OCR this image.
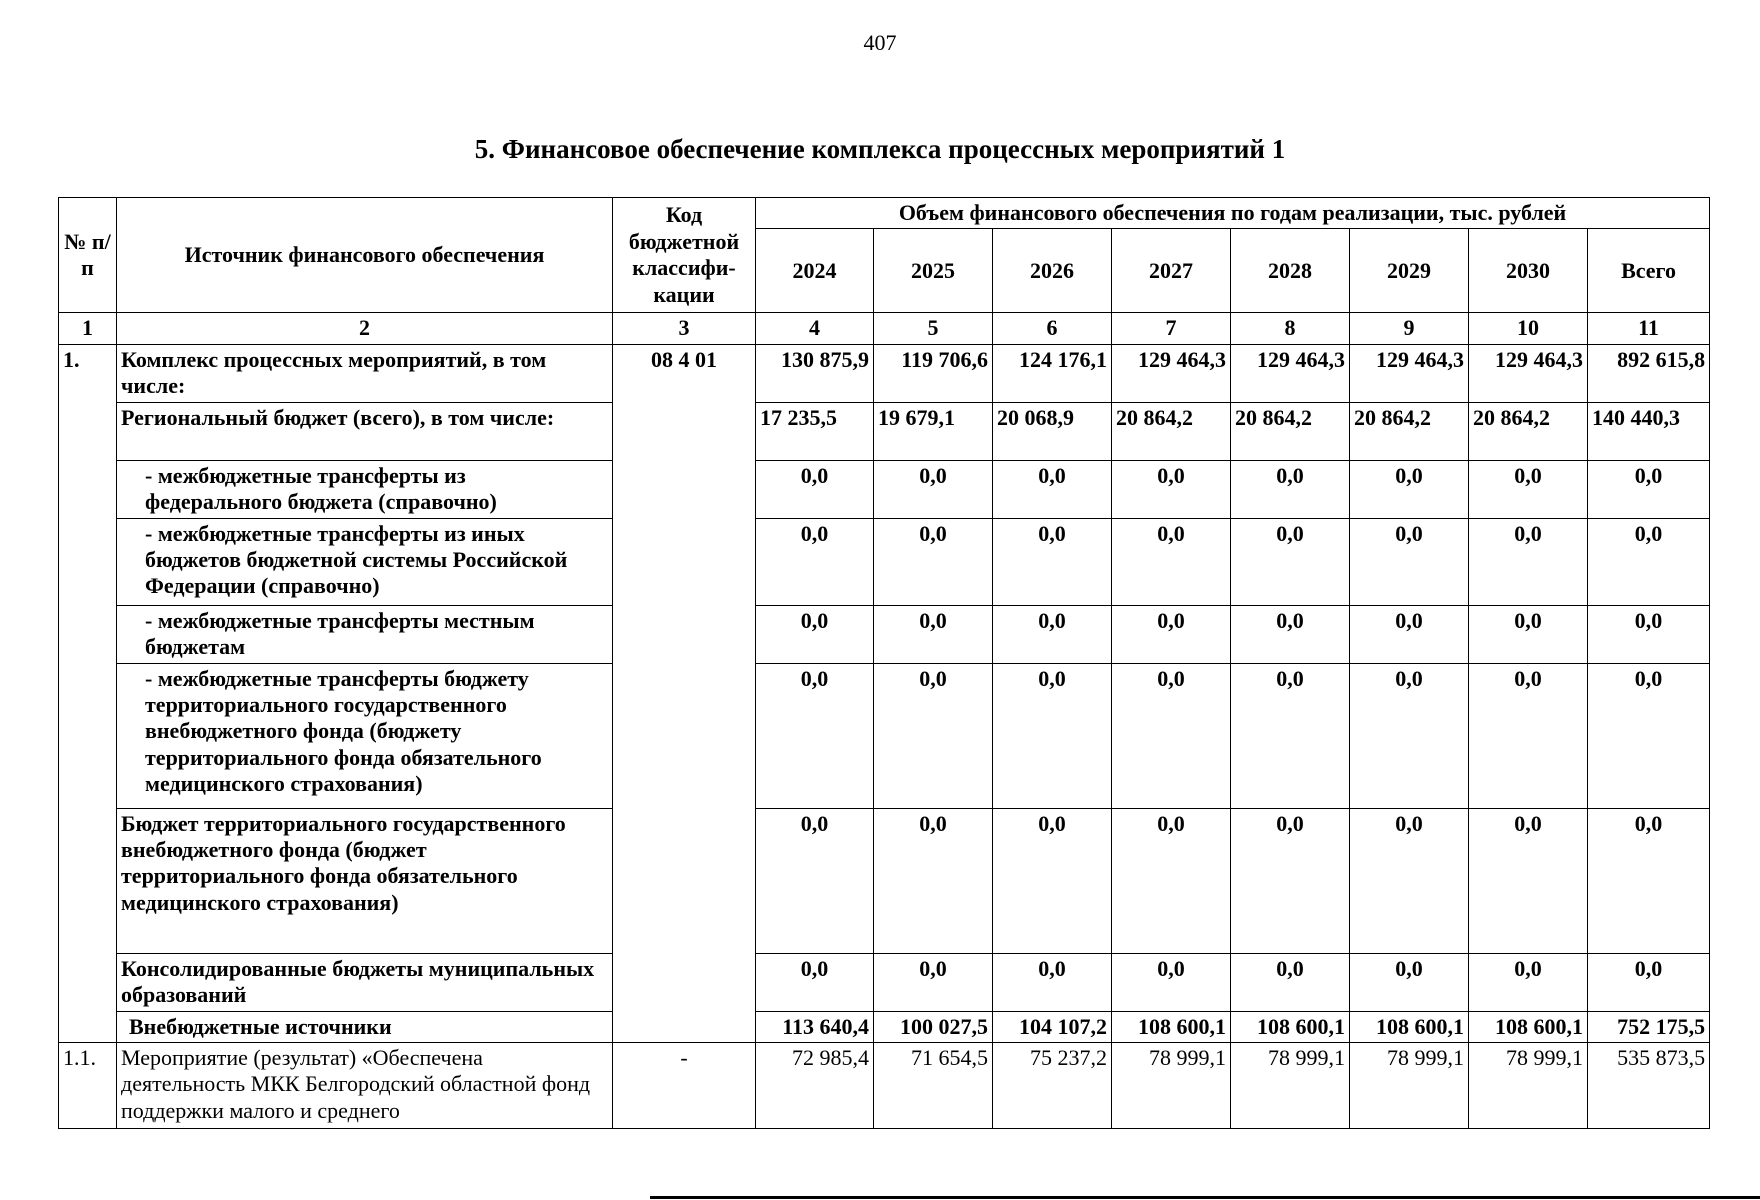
407
5. Финансовое обеспечение комплекса процессных мероприятий 1
№ п/п	Источник финансового обеспечения	Код бюджетной классифи-кации	Объем финансового обеспечения по годам реализации, тыс. рублей							
			2024	2025	2026	2027	2028	2029	2030	Всего
1	2	3	4	5	6	7	8	9	10	11
1.	Комплекс процессных мероприятий, в том числе:	08 4 01	130 875,9	119 706,6	124 176,1	129 464,3	129 464,3	129 464,3	129 464,3	892 615,8
	Региональный бюджет (всего), в том числе:		17 235,5	19 679,1	20 068,9	20 864,2	20 864,2	20 864,2	20 864,2	140 440,3
	- межбюджетные трансферты из федерального бюджета (справочно)		0,0	0,0	0,0	0,0	0,0	0,0	0,0	0,0
	- межбюджетные трансферты из иных бюджетов бюджетной системы Российской Федерации (справочно)		0,0	0,0	0,0	0,0	0,0	0,0	0,0	0,0
	- межбюджетные трансферты местным бюджетам		0,0	0,0	0,0	0,0	0,0	0,0	0,0	0,0
	- межбюджетные трансферты бюджету территориального государственного внебюджетного фонда (бюджету территориального фонда обязательного медицинского страхования)		0,0	0,0	0,0	0,0	0,0	0,0	0,0	0,0
	Бюджет территориального государственного внебюджетного фонда (бюджет территориального фонда обязательного медицинского страхования)		0,0	0,0	0,0	0,0	0,0	0,0	0,0	0,0
	Консолидированные бюджеты муниципальных образований		0,0	0,0	0,0	0,0	0,0	0,0	0,0	0,0
	Внебюджетные источники		113 640,4	100 027,5	104 107,2	108 600,1	108 600,1	108 600,1	108 600,1	752 175,5
1.1.	Мероприятие (результат) «Обеспечена деятельность МКК Белгородский областной фонд поддержки малого и среднего	-	72 985,4	71 654,5	75 237,2	78 999,1	78 999,1	78 999,1	78 999,1	535 873,5
